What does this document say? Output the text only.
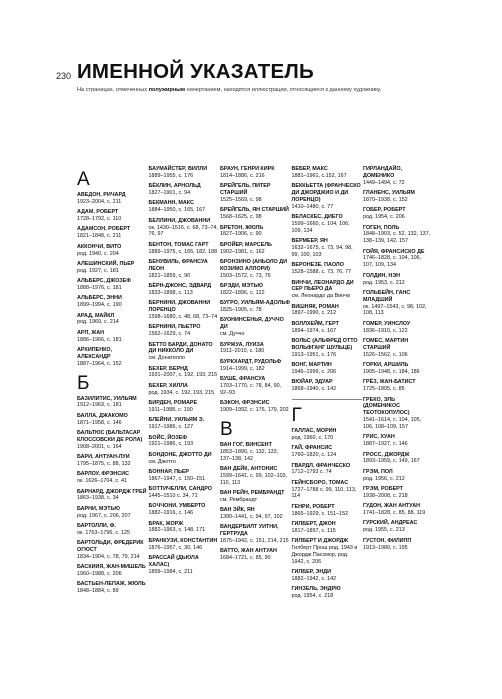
230 ИМЕННОЙ УКАЗАТЕЛЬ
На страницах, отмеченных полужирным начертанием, находятся иллюстрации, относящиеся к данному художнику.
А
АВЕДОН, РИЧАРД
1923–2004, с. 211
АДАМ, РОБЕРТ
1728–1792, с. 110
АДАМСОН, РОБЕРТ
1821–1848, с. 211
АККОНЧИ, ВИТО
род. 1940, с. 204
АЛЕШИНСКИЙ, ПЬЕР
род. 1927, с. 181
АЛЬБЕРС, ДЖОЗЕФ
1888–1976, с. 181
АЛЬБЕРС, ЭННИ
1899–1994, с. 190
АРАД, МАЙКЛ
род. 1969, с. 214
АРП, ЖАН
1886–1966, с. 181
АРХИПЕНКО, АЛЕКСАНДР
1887–1964, с. 152
Б
БАЗИЛИТИС, УИЛЬЯМ
1912–1963, с. 181
БАЛЛА, ДЖАКОМО
1871–1958, с. 146
БАЛЬТЮС (БАЛЬТАСАР КЛОССОВСКИ ДЕ РОЛА)
1908–2001, с. 164
БАРИ, АНТУАН-ЛУИ
1795–1875, с. 88, 132
БАРЛОУ, ФРЭНСИС
ок. 1626–1704, с. 41
БАРНАРД, ДЖОРДЖ ГРЕЙ
1863–1938, с. 34
БАРНИ, МЭТЬЮ
род. 1967, с. 206, 207
БАРТОЛЛИ, Ф.
ок. 1763–1796, с. 125
БАРТОЛЬДИ, ФРЕДЕРИК ОГЮСТ
1834–1904, с. 78, 79, 214
БАСКИИЯ, ЖАН-МИШЕЛЬ
1960–1988, с. 206
БАСТЬЕН-ЛЕПАЖ, ЖЮЛЬ
1848–1884, с. 89
БАУМАЙСТЕР, ВИЛЛИ
1889–1955, с. 176
БЁКЛИН, АРНОЛЬД
1827–1901, с. 94
БЕКМАНН, МАКС
1884–1950, с. 165, 167
БЕЛЛИНИ, ДЖОВАННИ
ок. 1430–1516, с. 68, 73–74, 76, 97
БЕНТОН, ТОМАС ГАРТ
1889–1975, с. 165, 182, 188
БЕНУВИЛЬ, ФРАНСУА ЛЕОН
1821–1859, с. 90
БЁРН-ДЖОНС, ЭДВАРД
1833–1898, с. 113
БЕРНИНИ, ДЖОВАННИ ЛОРЕНЦО
1598–1680, с. 48, 68, 73–74
БЕРНИНИ, ПЬЕТРО
1562–1629, с. 74
БЕТТО БАРДИ, ДОНАТО ДИ НИККОЛО ДИ
см. Донателло
БЕХЕР, БЕРНД
1931–2007, с. 192, 193, 215
БЕХЕР, ХИЛЛА
род. 1934, с. 192, 193, 215
БИРДЕН, РОМАРЕ
1911–1988, с. 190
БЛЕЙНИ, УИЛЬЯМ Э.
1917–1986, с. 127
БОЙС, ЙОЗЕФ
1921–1986, с. 193
БОНДОНЕ, ДЖОТТО ДИ
см. Джотто
БОННАР, ПЬЕР
1867–1947, с. 150–151
БОТТИЧЕЛЛИ, САНДРО
1445–1510 с. 34, 71
БОЧЧОНИ, УМБЕРТО
1882–1916, с. 146
БРАК, ЖОРЖ
1882–1963, с. 148, 171
БРАНКУЗИ, КОНСТАНТИН
1876–1957, с. 30, 146
БРАССАЙ (ДЬЮЛА ХАЛАС)
1899–1984, с. 211
БРАУН, ГЕНРИ КИРК
1814–1886, с. 216
БРЕЙГЕЛЬ, ПИТЕР СТАРШИЙ
1525–1569, с. 98
БРЕЙГЕЛЬ, ЯН СТАРШИЙ
1568–1625, с. 98
БРЕТОН, ЖЮЛЬ
1827–1906, с. 90
БРОЙЕР, МАРСЕЛЬ
1902–1981, с. 162
БРОНЗИНО (АНЬОЛО ДИ КОЗИМО АЛЛОРИ)
1503–1572, с. 73, 76
БРЭДИ, МЭТЬЮ
1822–1896, с. 122
БУГРО, УИЛЬЯМ-АДОЛЬФ
1825–1905, с. 78
БУОНИНСЕНЬЯ, ДУЧЧО ДИ
см. Дуччо
БУРЖУА, ЛУИЗА
1911–2010, с. 180
БУРКХАРДТ, РУДОЛЬФ
1914–1999, с. 182
БУШЕ, ФРАНСУА
1703–1770, с. 78, 84, 90, 92–93
БЭКОН, ФРЭНСИС
1909–1992, с. 176, 179, 202
В
ВАН ГОГ, ВИНСЕНТ
1853–1890, с. 132, 133, 137–138, 142
ВАН ДЕЙК, АНТОНИС
1599–1641, с. 99, 102–103, 110, 113
ВАН РЕЙН, РЕМБРАНДТ
см. Рембрандт
ВАН ЭЙК, ЯН
1390–1441, с. 94, 97, 102
ВАНДЕРБИЛТ УИТНИ, ГЕРТРУДА
1875–1942, с. 151, 214, 215
ВАТТО, ЖАН АНТУАН
1684–1721, с. 85, 90
ВЕБЕР, МАКС
1881–1961, с.152, 167
ВЕККЬЕТТА (ФРАНЧЕСКО ДИ ДЖОРДЖИО И ДИ ЛОРЕНЦО)
1410–1480, с. 77
ВЕЛАСКЕС, ДИЕГО
1599–1660, с. 104, 106, 109, 134
ВЕРМЕЕР, ЯН
1632–1675, с. 73, 94, 98, 99, 100, 103
ВЕРОНЕЗЕ, ПАОЛО
1528–1588, с. 73, 76, 77
ВИНЧИ, ЛЕОНАРДО ДИ СЕР ПЬЕРО ДА
см. Леонардо да Винчи
ВИШНЯК, РОМАН
1897–1990, с. 212
ВОЛЛХЕЙМ, ГЕРТ
1894–1974, с. 167
ВОЛЬС (АЛЬФРЕД ОТТО ВОЛЬФГАНГ ШУЛЬЦЕ)
1913–1951, с. 176
ВОНГ, МАРТИН
1946–1999, с. 206
ВЮЙАР, ЭДУАР
1868–1940, с. 142
Г
ГАЛЛАС, МОРИН
род. 1960, с. 170
ГАЙ, ФРАНСИС
1760–1820, с. 124
ГВАРДЛ, ФРАНЧЕСКО
1712–1793 с. 74
ГЕЙНСБОРО, ТОМАС
1727–1788 с. 99, 110, 113, 114
ГЕНРИ, РОБЕРТ
1865–1929, с. 151–152
ГИЛБЕРТ, ДЖОН
1817–1897, с. 115
ГИЛБЕРТ И ДЖОРДЖ
Гилберт Прош род. 1943 и Джордж Пассмор, род. 1942, с. 206
ГИЛБЕР, ЭНДИ
1882–1942, с. 142
ГИНЗЕЛЬ, ЭНДРЮ
род. 1954, с. 218
ГИРЛАНДАЙО, ДОМЕНИКО
1449–1494, с. 72
ГЛАНЕНС, УИЛЬЯМ
1870–1938, с. 152
ГОБЕР, РОБЕРТ
род. 1954, с. 206
ГОГЕН, ПОЛЬ
1848–1903, с. 52, 132, 137, 138–139, 142, 157
ГОЙЯ, ФРАНСИСКО ДЕ
1746–1828, с. 104, 106, 107, 109, 134
ГОЛДИН, НЭН
род. 1953, с. 212
ГОЛЬБЕЙН, ГАНС МЛАДШИЙ
ок. 1497–1543, с. 98, 102, 108, 113
ГОМЕР, УИНСЛОУ
1836–1910, с. 122
ГОМЕС, МАРТИН СТАРШИЙ
1526–1562, с. 106
ГОРКИ, АРШИЛЬ
1905–1948, с. 184, 186
ГРЁЗ, ЖАН-БАТИСТ
1725–1805, с. 85
ГРЕКО, ЭЛЬ (ДОМЕНИКОС ТЕОТОКОПУЛОС)
1541–1614, с. 104, 105, 106, 108–109, 157
ГРИС, ХУАН
1887–1927, с. 146
ГРОСС, ДЖОРДЖ
1893–1959, с. 149, 167
ГРЭМ, ПОЛ
род. 1956, с. 212
ГРЭМ, РОБЕРТ
1938–2008, с. 218
ГУДОН, ЖАН АНТУАН
1741–1828, с. 85, 88, 119
ГУРСКИЙ, АНДРЕАС
род. 1955, с. 213
ГУСТОН, ФИЛИПП
1913–1980, с. 195
